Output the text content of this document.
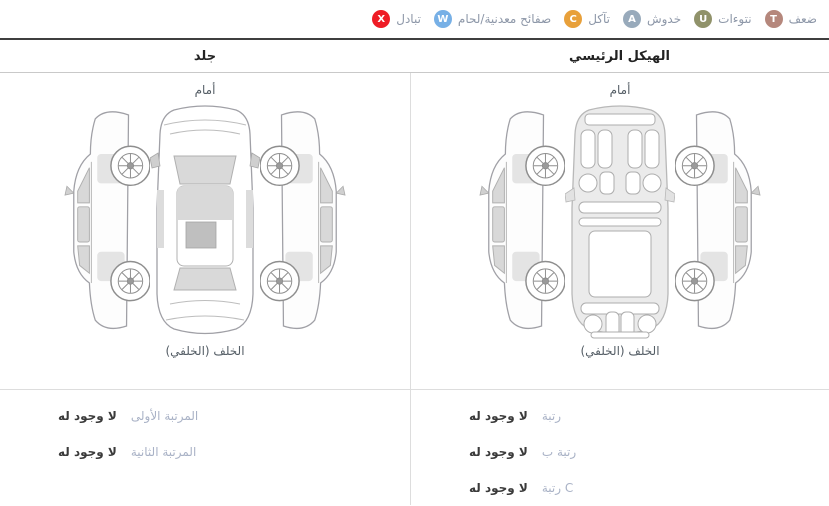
ضعف
T
نتوءات
U
خدوش
A
تآكل
C
صفائح معدنية/لحام
W
تبادل
X
الهيكل الرئيسي
جلد
أمام
الخلف (الخلفي)
لا وجود له رتبة
لا وجود له رتبة ب
لا وجود له رتبة C
أمام
الخلف (الخلفي)
لا وجود له المرتبة الأولى
لا وجود له المرتبة الثانية
